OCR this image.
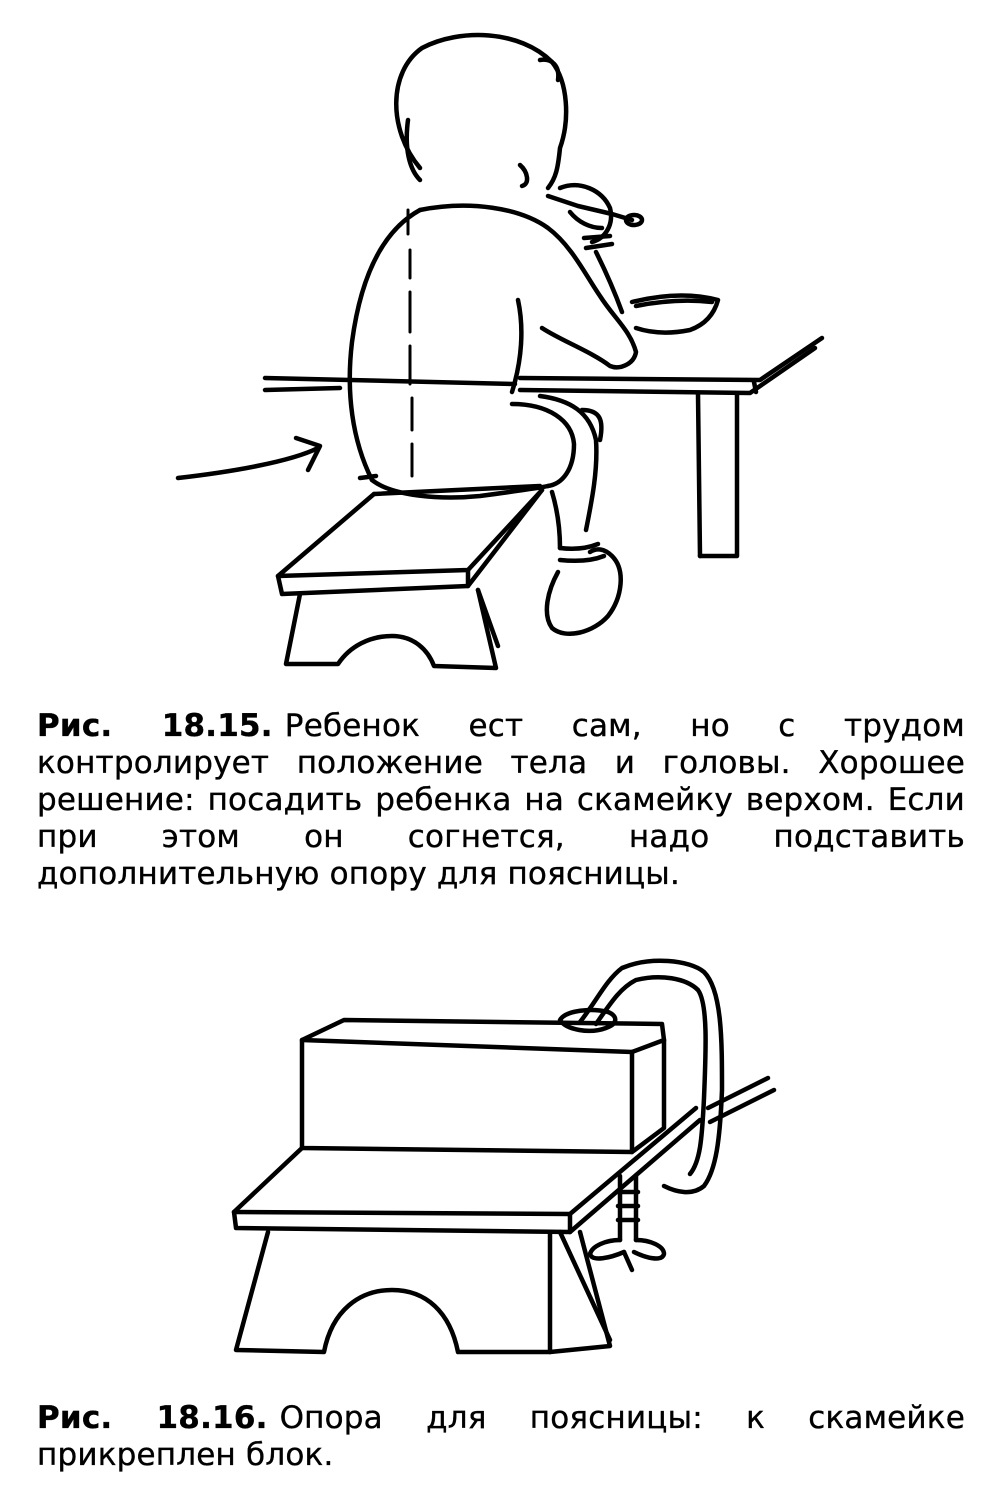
Рис. 18.15. Ребенок ест сам, но с трудом контролирует положение тела и головы. Хорошее решение: посадить ребенка на скамейку верхом. Если при этом он согнется, надо подставить дополнительную опору для поясницы.
Рис. 18.16. Опора для поясницы: к скамейке прикреплен блок.
